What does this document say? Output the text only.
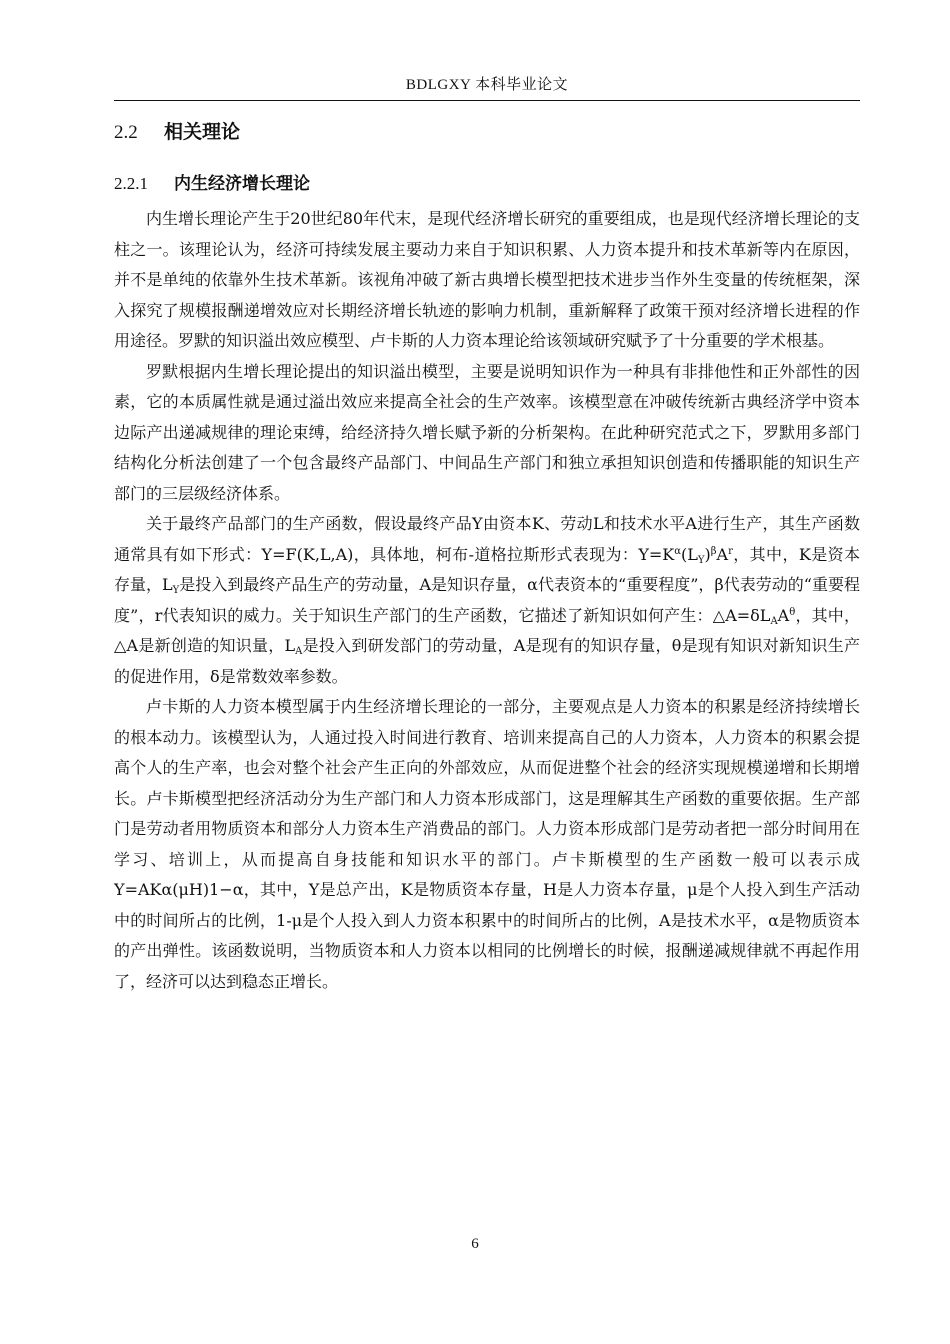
BDLGXY 本科毕业论文
2.2 相关理论
2.2.1 内生经济增长理论

内生增长理论产生于20世纪80年代末，是现代经济增长研究的重要组成，也是现代经济增长理论的支柱之一。该理论认为，经济可持续发展主要动力来自于知识积累、人力资本提升和技术革新等内在原因，并不是单纯的依靠外生技术革新。该视角冲破了新古典增长模型把技术进步当作外生变量的传统框架，深入探究了规模报酬递增效应对长期经济增长轨迹的影响力机制，重新解释了政策干预对经济增长进程的作用途径。罗默的知识溢出效应模型、卢卡斯的人力资本理论给该领域研究赋予了十分重要的学术根基。

罗默根据内生增长理论提出的知识溢出模型，主要是说明知识作为一种具有非排他性和正外部性的因素，它的本质属性就是通过溢出效应来提高全社会的生产效率。该模型意在冲破传统新古典经济学中资本边际产出递减规律的理论束缚，给经济持久增长赋予新的分析架构。在此种研究范式之下，罗默用多部门结构化分析法创建了一个包含最终产品部门、中间品生产部门和独立承担知识创造和传播职能的知识生产部门的三层级经济体系。

关于最终产品部门的生产函数，假设最终产品Y由资本K、劳动L和技术水平A进行生产，其生产函数通常具有如下形式：Y=F(K,L,A)，具体地，柯布-道格拉斯形式表现为：$Y=K^\alpha(L_Y)^\beta A^r$，其中，K是资本存量，$L_Y$是投入到最终产品生产的劳动量，A是知识存量，α代表资本的“重要程度”，β代表劳动的“重要程度”，r代表知识的威力。关于知识生产部门的生产函数，它描述了新知识如何产生：$\triangle A=\delta L_AA^\theta$，其中，△A是新创造的知识量，$L_A$是投入到研发部门的劳动量，A是现有的知识存量，θ是现有知识对新知识生产的促进作用，δ是常数效率参数。

卢卡斯的人力资本模型属于内生经济增长理论的一部分，主要观点是人力资本的积累是经济持续增长的根本动力。该模型认为，人通过投入时间进行教育、培训来提高自己的人力资本，人力资本的积累会提高个人的生产率，也会对整个社会产生正向的外部效应，从而促进整个社会的经济实现规模递增和长期增长。卢卡斯模型把经济活动分为生产部门和人力资本形成部门，这是理解其生产函数的重要依据。生产部门是劳动者用物质资本和部分人力资本生产消费品的部门。人力资本形成部门是劳动者把一部分时间用在学习、培训上，从而提高自身技能和知识水平的部门。卢卡斯模型的生产函数一般可以表示成Y=AKα(μH)1−α，其中，Y是总产出，K是物质资本存量，H是人力资本存量，μ是个人投入到生产活动中的时间所占的比例，1-μ是个人投入到人力资本积累中的时间所占的比例，A是技术水平，α是物质资本的产出弹性。该函数说明，当物质资本和人力资本以相同的比例增长的时候，报酬递减规律就不再起作用了，经济可以达到稳态正增长。

6
